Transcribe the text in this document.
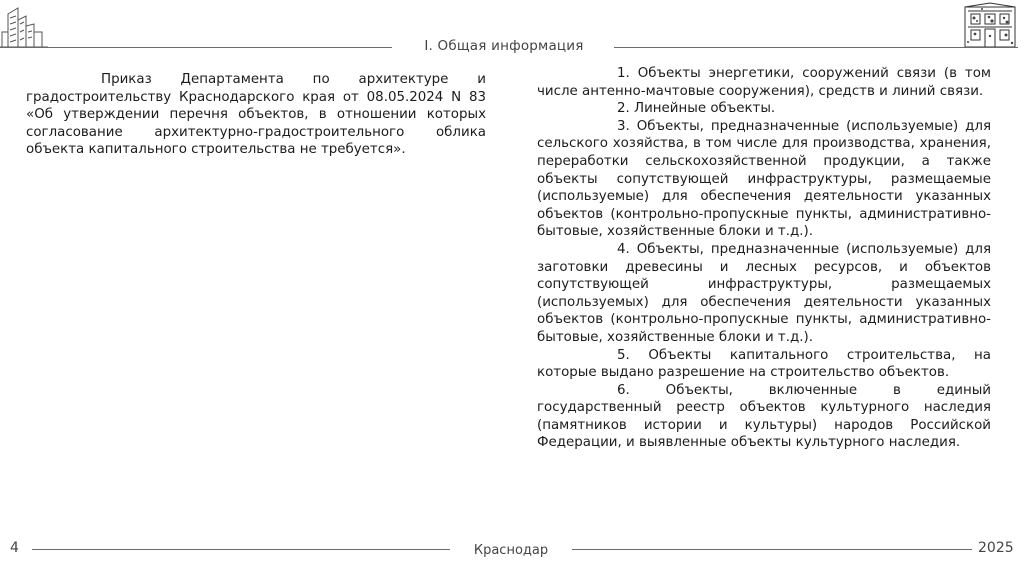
I. Общая информация

Приказ Департамента по архитектуре и градостроительству Краснодарского края от 08.05.2024 N 83 «Об утверждении перечня объектов, в отношении которых согласование архитектурно-градостроительного облика объекта капитального строительства не требуется».

1. Объекты энергетики, сооружений связи (в том числе антенно-мачтовые сооружения), средств и линий связи.

2. Линейные объекты.

3. Объекты, предназначенные (используемые) для сельского хозяйства, в том числе для производства, хранения, переработки сельскохозяйственной продукции, а также объекты сопутствующей инфраструктуры, размещаемые (используемые) для обеспечения деятельности указанных объектов (контрольно-пропускные пункты, административно-бытовые, хозяйственные блоки и т.д.).

4. Объекты, предназначенные (используемые) для заготовки древесины и лесных ресурсов, и объектов сопутствующей инфраструктуры, размещаемых (используемых) для обеспечения деятельности указанных объектов (контрольно-пропускные пункты, административно-бытовые, хозяйственные блоки и т.д.).

5. Объекты капитального строительства, на которые выдано разрешение на строительство объектов.

6. Объекты, включенные в единый государственный реестр объектов культурного наследия (памятников истории и культуры) народов Российской Федерации, и выявленные объекты культурного наследия.

4	Краснодар	2025
